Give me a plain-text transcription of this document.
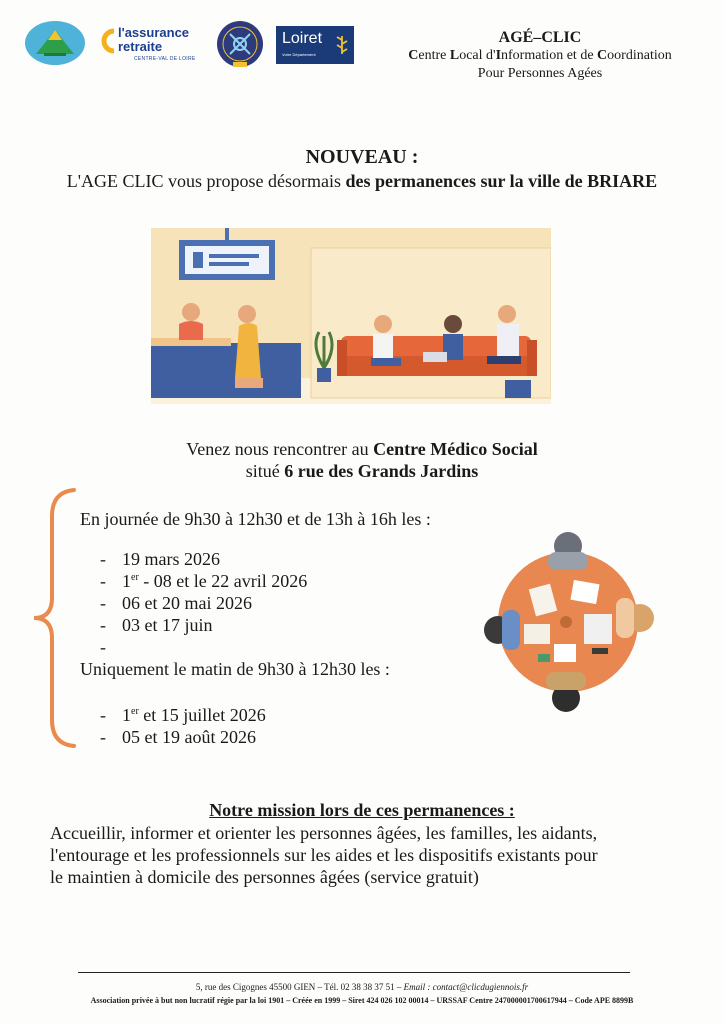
l'assurance
retraite
CENTRE-VAL DE LOIRE
Loiret
Votre Département
AGÉ–CLIC
Centre Local d'Information et de Coordination
Pour Personnes Agées
NOUVEAU :
L'AGE CLIC vous propose désormais des permanences sur la ville de BRIARE
Venez nous rencontrer au Centre Médico Social
situé 6 rue des Grands Jardins
En journée de 9h30 à 12h30 et de 13h à 16h les :
- 19 mars 2026
- 1er - 08 et le 22 avril 2026
- 06 et 20 mai 2026
- 03 et 17 juin
-
Uniquement le matin de 9h30 à 12h30 les :
- 1er et 15 juillet 2026
- 05 et 19 août 2026
Notre mission lors de ces permanences :
Accueillir, informer et orienter les personnes âgées, les familles, les aidants,
l'entourage et les professionnels sur les aides et les dispositifs existants pour
le maintien à domicile des personnes âgées (service gratuit)
5, rue des Cigognes 45500 GIEN – Tél. 02 38 38 37 51 – Email : contact@clicdugiennois.fr
Association privée à but non lucratif régie par la loi 1901 – Créée en 1999 – Siret 424 026 102 00014 – URSSAF Centre 247000001700617944 – Code APE 8899B
